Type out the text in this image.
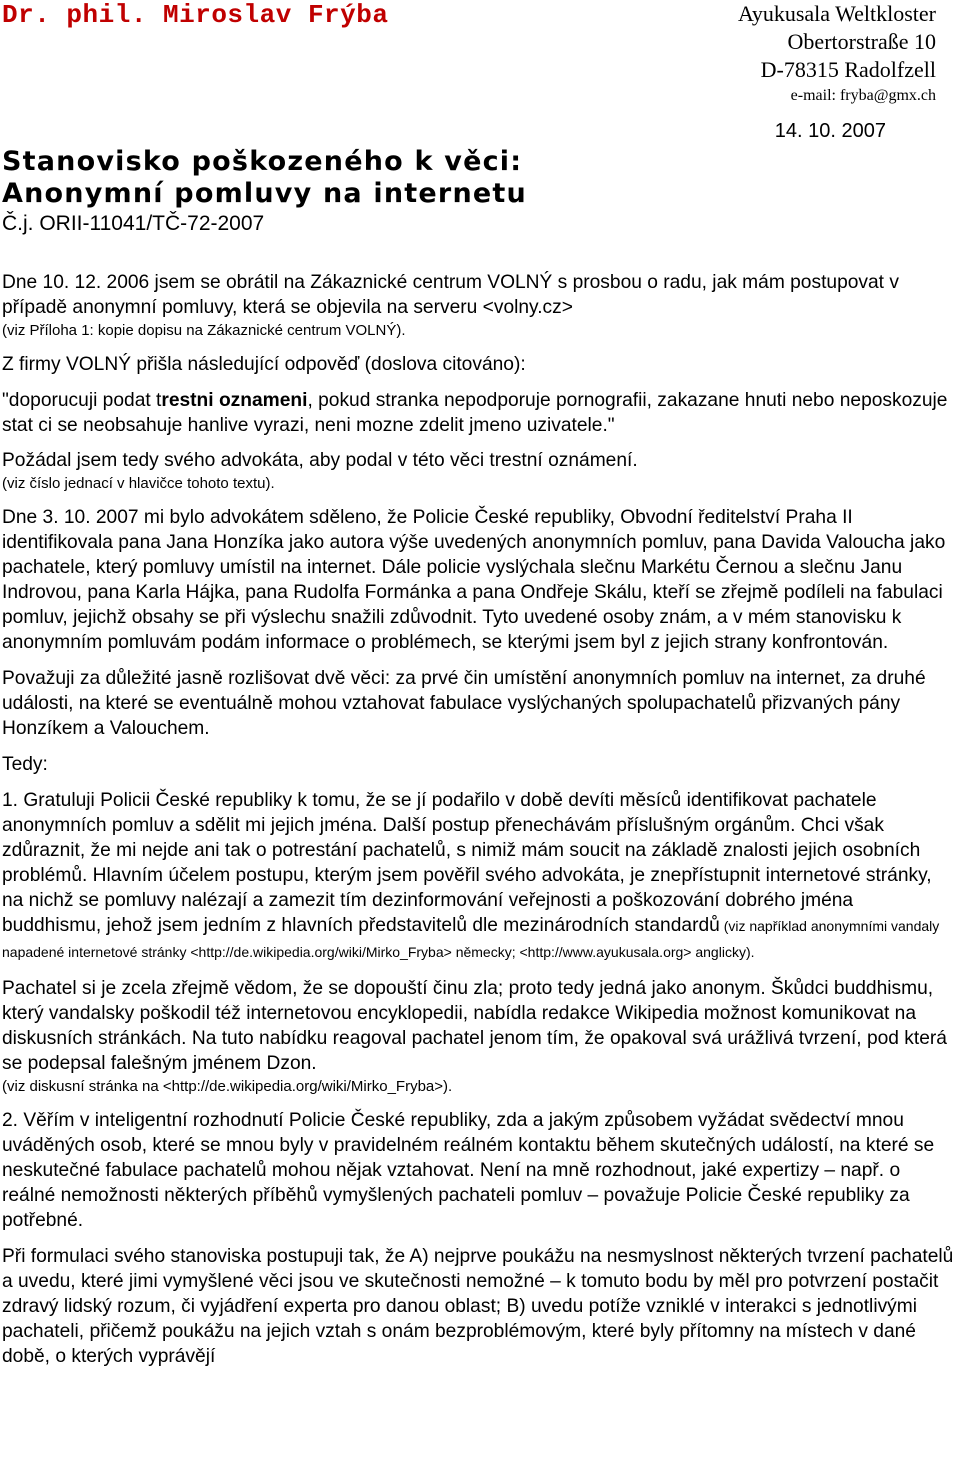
Dr. phil. Miroslav Frýba	Ayukusala Weltkloster
Obertorstraße 10
D-78315 Radolfzell
e-mail: fryba@gmx.ch
14. 10. 2007
Stanovisko poškozeného k věci:
Anonymní pomluvy na internetu
Č.j. ORII-11041/TČ-72-2007

Dne 10. 12. 2006 jsem se obrátil na Zákaznické centrum VOLNÝ s prosbou o radu, jak mám postupovat v případě anonymní pomluvy, která se objevila na serveru <volny.cz>

(viz Příloha 1: kopie dopisu na Zákaznické centrum VOLNÝ).

Z firmy VOLNÝ přišla následující odpověď (doslova citováno):

"doporucuji podat trestni oznameni, pokud stranka nepodporuje pornografii, zakazane hnuti nebo neposkozuje stat ci se neobsahuje hanlive vyrazi, neni mozne zdelit jmeno uzivatele."

Požádal jsem tedy svého advokáta, aby podal v této věci trestní oznámení.

(viz číslo jednací v hlavičce tohoto textu).

Dne 3. 10. 2007 mi bylo advokátem sděleno, že Policie České republiky, Obvodní ředitelství Praha II identifikovala pana Jana Honzíka jako autora výše uvedených anonymních pomluv, pana Davida Valoucha jako pachatele, který pomluvy umístil na internet. Dále policie vyslýchala slečnu Markétu Černou a slečnu Janu Indrovou, pana Karla Hájka, pana Rudolfa Formánka a pana Ondřeje Skálu, kteří se zřejmě podíleli na fabulaci pomluv, jejichž obsahy se při výslechu snažili zdůvodnit. Tyto uvedené osoby znám, a v mém stanovisku k anonymním pomluvám podám informace o problémech, se kterými jsem byl z jejich strany konfrontován.

Považuji za důležité jasně rozlišovat dvě věci: za prvé čin umístění anonymních pomluv na internet, za druhé události, na které se eventuálně mohou vztahovat fabulace vyslýchaných spolupachatelů přizvaných pány Honzíkem a Valouchem.

Tedy:

1. Gratuluji Policii České republiky k tomu, že se jí podařilo v době devíti měsíců identifikovat pachatele anonymních pomluv a sdělit mi jejich jména. Další postup přenechávám příslušným orgánům. Chci však zdůraznit, že mi nejde ani tak o potrestání pachatelů, s nimiž mám soucit na základě znalosti jejich osobních problémů. Hlavním účelem postupu, kterým jsem pověřil svého advokáta, je znepřístupnit internetové stránky, na nichž se pomluvy nalézají a zamezit tím dezinformování veřejnosti a poškozování dobrého jména buddhismu, jehož jsem jedním z hlavních představitelů dle mezinárodních standardů (viz například anonymními vandaly napadené internetové stránky <http://de.wikipedia.org/wiki/Mirko_Fryba> německy; <http://www.ayukusala.org> anglicky).

Pachatel si je zcela zřejmě vědom, že se dopouští činu zla; proto tedy jedná jako anonym. Škůdci buddhismu, který vandalsky poškodil též internetovou encyklopedii, nabídla redakce Wikipedia možnost komunikovat na diskusních stránkách. Na tuto nabídku reagoval pachatel jenom tím, že opakoval svá urážlivá tvrzení, pod která se podepsal falešným jménem Dzon.

(viz diskusní stránka na <http://de.wikipedia.org/wiki/Mirko_Fryba>).

2. Věřím v inteligentní rozhodnutí Policie České republiky, zda a jakým způsobem vyžádat svědectví mnou uváděných osob, které se mnou byly v pravidelném reálném kontaktu během skutečných událostí, na které se neskutečné fabulace pachatelů mohou nějak vztahovat. Není na mně rozhodnout, jaké expertizy – např. o reálné nemožnosti některých příběhů vymyšlených pachateli pomluv – považuje Policie České republiky za potřebné.

Při formulaci svého stanoviska postupuji tak, že A) nejprve poukážu na nesmyslnost některých tvrzení pachatelů a uvedu, které jimi vymyšlené věci jsou ve skutečnosti nemožné – k tomuto bodu by měl pro potvrzení postačit zdravý lidský rozum, či vyjádření experta pro danou oblast; B) uvedu potíže vzniklé v interakci s jednotlivými pachateli, přičemž poukážu na jejich vztah s onám bezproblémovým, které byly přítomny na místech v dané době, o kterých vyprávějí
